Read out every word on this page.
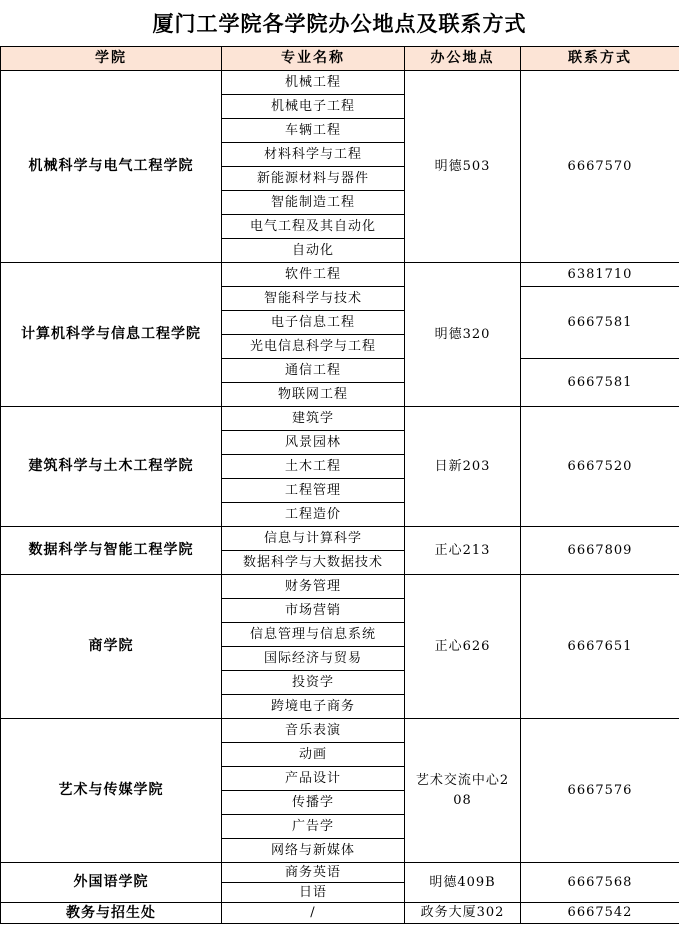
厦门工学院各学院办公地点及联系方式
学院	专业名称	办公地点	联系方式
机械科学与电气工程学院	机械工程	明德503	6667570
	机械电子工程		
	车辆工程		
	材料科学与工程		
	新能源材料与器件		
	智能制造工程		
	电气工程及其自动化		
	自动化		
计算机科学与信息工程学院	软件工程	明德320	6381710
	智能科学与技术		6667581
	电子信息工程		
	光电信息科学与工程		
	通信工程		6667581
	物联网工程		
建筑科学与土木工程学院	建筑学	日新203	6667520
	风景园林		
	土木工程		
	工程管理		
	工程造价		
数据科学与智能工程学院	信息与计算科学	正心213	6667809
	数据科学与大数据技术		
商学院	财务管理	正心626	6667651
	市场营销		
	信息管理与信息系统		
	国际经济与贸易		
	投资学		
	跨境电子商务		
艺术与传媒学院	音乐表演	艺术交流中心208	6667576
	动画		
	产品设计		
	传播学		
	广告学		
	网络与新媒体		
外国语学院	商务英语	明德409B	6667568
	日语		
教务与招生处	/	政务大厦302	6667542
